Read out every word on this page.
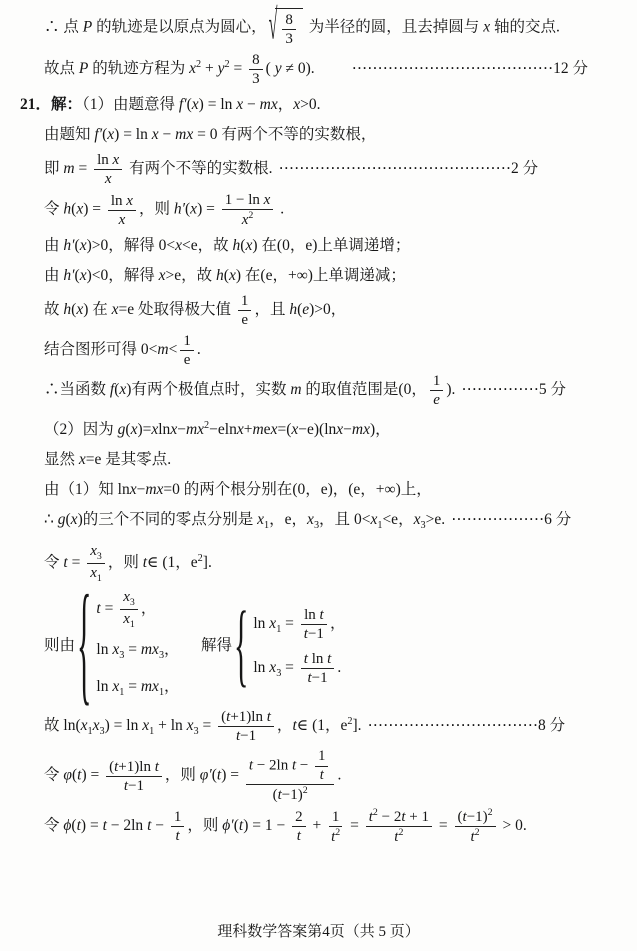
∴ 点 P 的轨迹是以原点为圆心， √ $\frac{8}{3}$ 为半径的圆，且去掉圆与 x 轴的交点.
故点 P 的轨迹方程为 $x^2 + y^2 = \frac{8}{3}$ ( y ≠ 0).　　 ⋯⋯⋯⋯⋯⋯⋯⋯⋯⋯⋯⋯⋯12 分
21．解：（1）由题意得 f′(x) = ln x − mx，x>0.
由题知 f′(x) = ln x − mx = 0 有两个不等的实数根，
即 $m = \frac{\text{ln x}}{x}$ 有两个不等的实数根. ⋯⋯⋯⋯⋯⋯⋯⋯⋯⋯⋯⋯⋯⋯⋯2 分
令 $h(x) = \frac{\text{ln x}}{x}$ ，则 $h'(x) = \frac{\text{1 − ln x}}{x^2}$ .
由 h′(x)>0，解得 0<x<e，故 h(x) 在(0，e)上单调递增；
由 h′(x)<0，解得 x>e，故 h(x) 在(e，+∞)上单调递减；
故 h(x) 在 x=e 处取得极大值 $\frac{1}{e}$ ，且 h(e)>0，
结合图形可得 $0<m< \frac{1}{e}$ .
∴当函数 f(x)有两个极值点时，实数 m 的取值范围是(0， $\frac{1}{e}$ ). ⋯⋯⋯⋯⋯5 分
（2）因为 $g(x)=xlnx-mx^2-elnx+mex=(x-e)(\ln x-mx)$，
显然 x=e 是其零点.
由（1）知 lnx−mx=0 的两个根分别在(0，e)，(e，+∞)上，
∴ g(x)的三个不同的零点分别是 $x_1$，e，$x_3$，且 $0<x_1<e$，$x_3>e$. ⋯⋯⋯⋯⋯⋯6 分
令 $t = \frac{x_3}{x_1}$ ，则 t∈ (1，$e^2$].
则由 { $t = \frac{x_3}{x_1}$ ，
$\ln x_3 = mx_3$，
$\ln x_1 = mx_1$，
　 解得 { $\ln x_1 = \frac{\text{ln t}}{t-1}$ ，
$\ln x_3 = \frac{\text{t ln t}}{t-1}$ .
故 $\ln(x_1x_3) = \ln x_1 + \ln x_3 = \frac{\text{(t+1)ln t}}{t-1}$ ，t∈ (1，$e^2$]. ⋯⋯⋯⋯⋯⋯⋯⋯⋯⋯⋯8 分
令 $\varphi(t) = \frac{\text{(t+1)ln t}}{t-1}$ ，则 $\varphi'(t) = \frac{t - 2\ln t - \frac{1}{t}}{(t-1)^2}$ .
令 ϕ(t) = t − 2ln $t - \frac{1}{t}$ ，则 $\phi'(t) = 1 - \frac{2}{t} + \frac{1}{t^2} = \frac{t^2 - 2t + 1}{t^2} = \frac{(t-1)^2}{t^2} > 0$.
理科数学答案第4页（共 5 页）
